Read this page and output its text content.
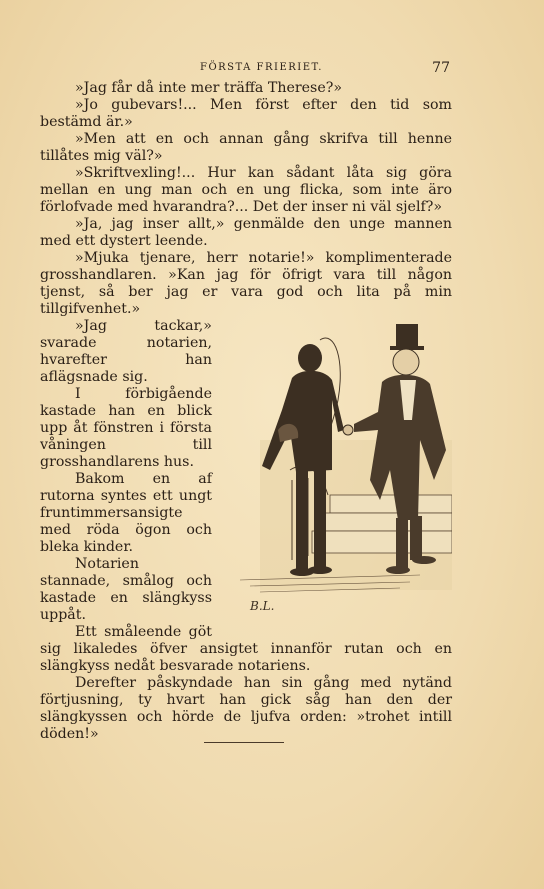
FÖRSTA FRIERIET.	77

»Jag får då inte mer träffa Therese?»

»Jo gubevars!... Men först efter den tid som bestämd är.»

»Men att en och annan gång skrifva till henne tillåtes mig väl?»

»Skriftvexling!... Hur kan sådant låta sig göra mellan en ung man och en ung flicka, som inte äro förlofvade med hvarandra?... Det der inser ni väl sjelf?»

»Ja, jag inser allt,» genmälde den unge mannen med ett dystert leende.

»Mjuka tjenare, herr notarie!» komplimenterade grosshandlaren. »Kan jag för öfrigt vara till någon tjenst, så ber jag er vara god och lita på min tillgifvenhet.»

B.L.

»Jag tackar,» svarade notarien, hvarefter han aflägsnade sig.

I förbigående kastade han en blick upp åt fönstren i första våningen till grosshandlarens hus.

Bakom en af rutorna syntes ett ungt fruntimmersansigte med röda ögon och bleka kinder.

Notarien stannade, smålog och kastade en slängkyss uppåt.

Ett småleende göt sig likaledes öfver ansigtet innanför rutan och en slängkyss nedåt besvarade notariens.

Derefter påskyndade han sin gång med nytänd förtjusning, ty hvart han gick såg han den der slängkyssen och hörde de ljufva orden: »trohet intill döden!»
